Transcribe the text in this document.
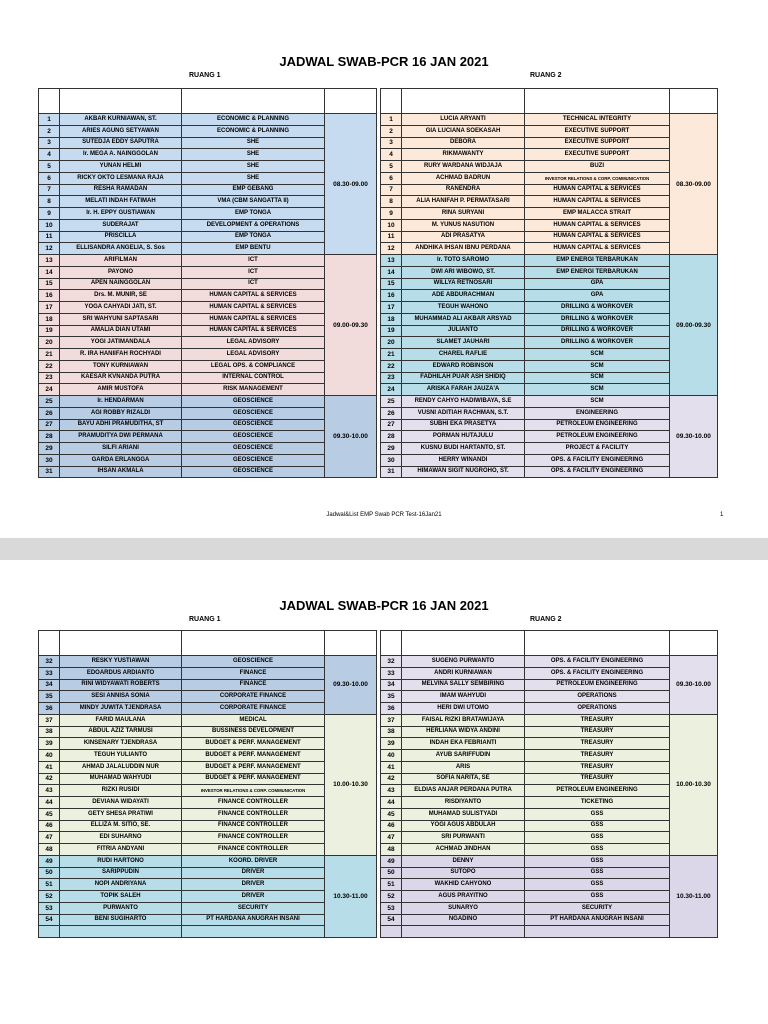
JADWAL SWAB-PCR 16 JAN 2021
RUANG 1	RUANG 2

1	AKBAR KURNIAWAN, ST.	ECONOMIC & PLANNING	08.30-09.00
2	ARIES AGUNG SETYAWAN	ECONOMIC & PLANNING	
3	SUTEDJA EDDY SAPUTRA	SHE	
4	Ir. MEGA A. NAINGGOLAN	SHE	
5	YUNAN HELMI	SHE	
6	RICKY OKTO LESMANA RAJA	SHE	
7	RESHA RAMADAN	EMP GEBANG	
8	MELATI INDAH FATIMAH	VMA (CBM SANGATTA II)	
9	Ir. H. EPPY GUSTIAWAN	EMP TONGA	
10	SUDERAJAT	DEVELOPMENT & OPERATIONS	
11	PRISCILLA	EMP TONGA	
12	ELLISANDRA ANGELIA, S. Sos	EMP BENTU	
13	ARIFILMAN	ICT	09.00-09.30
14	PAYONO	ICT	
15	APEN NAINGGOLAN	ICT	
16	Drs. M. MUNIR, SE	HUMAN CAPITAL & SERVICES	
17	YOGA CAHYADI JATI, ST.	HUMAN CAPITAL & SERVICES	
18	SRI WAHYUNI SAPTASARI	HUMAN CAPITAL & SERVICES	
19	AMALIA DIAN UTAMI	HUMAN CAPITAL & SERVICES	
20	YOGI JATIMANDALA	LEGAL ADVISORY	
21	R. IRA HANIIFAH ROCHYADI	LEGAL ADVISORY	
22	TONY KURNIAWAN	LEGAL OPS. & COMPLIANCE	
23	KAESAR KVNANDA PUTRA	INTERNAL CONTROL	
24	AMIR MUSTOFA	RISK MANAGEMENT	
25	Ir. HENDARMAN	GEOSCIENCE	09.30-10.00
26	AGI ROBBY RIZALDI	GEOSCIENCE	
27	BAYU ADHI PRAMUDITHA, ST	GEOSCIENCE	
28	PRAMUDITYA DWI PERMANA	GEOSCIENCE	
29	SILFI ARIANI	GEOSCIENCE	
30	GARDA ERLANGGA	GEOSCIENCE	
31	IHSAN AKMALA	GEOSCIENCE	

1	LUCIA ARYANTI	TECHNICAL INTEGRITY	08.30-09.00
2	GIA LUCIANA SOEKASAH	EXECUTIVE SUPPORT	
3	DEBORA	EXECUTIVE SUPPORT	
4	RIKMAWANTY	EXECUTIVE SUPPORT	
5	RURY WARDANA WIDJAJA	BUZI	
6	ACHMAD BADRUN	INVESTOR RELATIONS & CORP. COMMUNICATION	
7	RANENDRA	HUMAN CAPITAL & SERVICES	
8	ALIA HANIFAH P. PERMATASARI	HUMAN CAPITAL & SERVICES	
9	RINA SURYANI	EMP MALACCA STRAIT	
10	M. YUNUS NASUTION	HUMAN CAPITAL & SERVICES	
11	ADI PRASATYA	HUMAN CAPITAL & SERVICES	
12	ANDHIKA IHSAN IBNU PERDANA	HUMAN CAPITAL & SERVICES	
13	Ir. TOTO SAROMO	EMP ENERGI TERBARUKAN	09.00-09.30
14	DWI ARI WIBOWO, ST.	EMP ENERGI TERBARUKAN	
15	WILLYA RETNOSARI	GPA	
16	ADE ABDURACHMAN	GPA	
17	TEGUH WAHONO	DRILLING & WORKOVER	
18	MUHAMMAD ALI AKBAR ARSYAD	DRILLING & WORKOVER	
19	JULIANTO	DRILLING & WORKOVER	
20	SLAMET JAUHARI	DRILLING & WORKOVER	
21	CHAREL RAFLIE	SCM	
22	EDWARD ROBINSON	SCM	
23	FADHILAH PUAR ASH SHIDIQ	SCM	
24	ARISKA FARAH JAUZA'A	SCM	
25	RENDY CAHYO HADIWIBAYA, S.E	SCM	09.30-10.00
26	VUSNI ADITIAH RACHMAN, S.T.	ENGINEERING	
27	SUBHI EKA PRASETYA	PETROLEUM ENGINEERING	
28	PORMAN HUTAJULU	PETROLEUM ENGINEERING	
29	KUSNU BUDI HARTANTO, ST.	PROJECT & FACILITY	
30	HERRY WINANDI	OPS. & FACILITY ENGINEERING	
31	HIMAWAN SIGIT NUGROHO, ST.	OPS. & FACILITY ENGINEERING	
Jadwal&List EMP Swab PCR Test-16Jan21	1
JADWAL SWAB-PCR 16 JAN 2021
RUANG 1	RUANG 2

32	RESKY YUSTIAWAN	GEOSCIENCE	09.30-10.00
33	EDOARDUS ARDIANTO	FINANCE	
34	RINI WIDYAWATI ROBERTS	FINANCE	
35	SESI ANNISA SONIA	CORPORATE FINANCE	
36	MINDY JUWITA TJENDRASA	CORPORATE FINANCE	
37	FARID MAULANA	MEDICAL	10.00-10.30
38	ABDUL AZIZ TARMUSI	BUSSINESS DEVELOPMENT	
39	KINSENARY TJENDRASA	BUDGET & PERF. MANAGEMENT	
40	TEGUH YULIANTO	BUDGET & PERF. MANAGEMENT	
41	AHMAD JALALUDDIN NUR	BUDGET & PERF. MANAGEMENT	
42	MUHAMAD WAHYUDI	BUDGET & PERF. MANAGEMENT	
43	RIZKI RUSIDI	INVESTOR RELATIONS & CORP. COMMUNICATION	
44	DEVIANA WIDAYATI	FINANCE CONTROLLER	
45	GETY SHESA PRATIWI	FINANCE CONTROLLER	
46	ELLIZA M. SITIO, SE.	FINANCE CONTROLLER	
47	EDI SUHARNO	FINANCE CONTROLLER	
48	FITRIA ANDYANI	FINANCE CONTROLLER	
49	RUDI HARTONO	KOORD. DRIVER	10.30-11.00
50	SARIPPUDIN	DRIVER	
51	NOPI ANDRIYANA	DRIVER	
52	TOPIK SALEH	DRIVER	
53	PURWANTO	SECURITY	
54	BENI SUGIHARTO	PT HARDANA ANUGRAH INSANI	

32	SUGENG PURWANTO	OPS. & FACILITY ENGINEERING	09.30-10.00
33	ANDRI KURNIAWAN	OPS. & FACILITY ENGINEERING	
34	MELVINA SALLY SEMBIRING	PETROLEUM ENGINEERING	
35	IMAM WAHYUDI	OPERATIONS	
36	HERI DWI UTOMO	OPERATIONS	
37	FAISAL RIZKI BRATAWIJAYA	TREASURY	10.00-10.30
38	HERLIANA WIDYA ANDINI	TREASURY	
39	INDAH EKA FEBRIANTI	TREASURY	
40	AYUB SARIFFUDIN	TREASURY	
41	ARIS	TREASURY	
42	SOFIA NARITA, SE	TREASURY	
43	ELDIAS ANJAR PERDANA PUTRA	PETROLEUM ENGINEERING	
44	RISDIYANTO	TICKETING	
45	MUHAMAD SULISTYADI	GSS	
46	YOGI AGUS ABDULAH	GSS	
47	SRI PURWANTI	GSS	
48	ACHMAD JINDHAN	GSS	
49	DENNY	GSS	10.30-11.00
50	SUTOPO	GSS	
51	WAKHID CAHYONO	GSS	
52	AGUS PRAYITNO	GSS	
53	SUNARYO	SECURITY	
54	NGADINO	PT HARDANA ANUGRAH INSANI	
